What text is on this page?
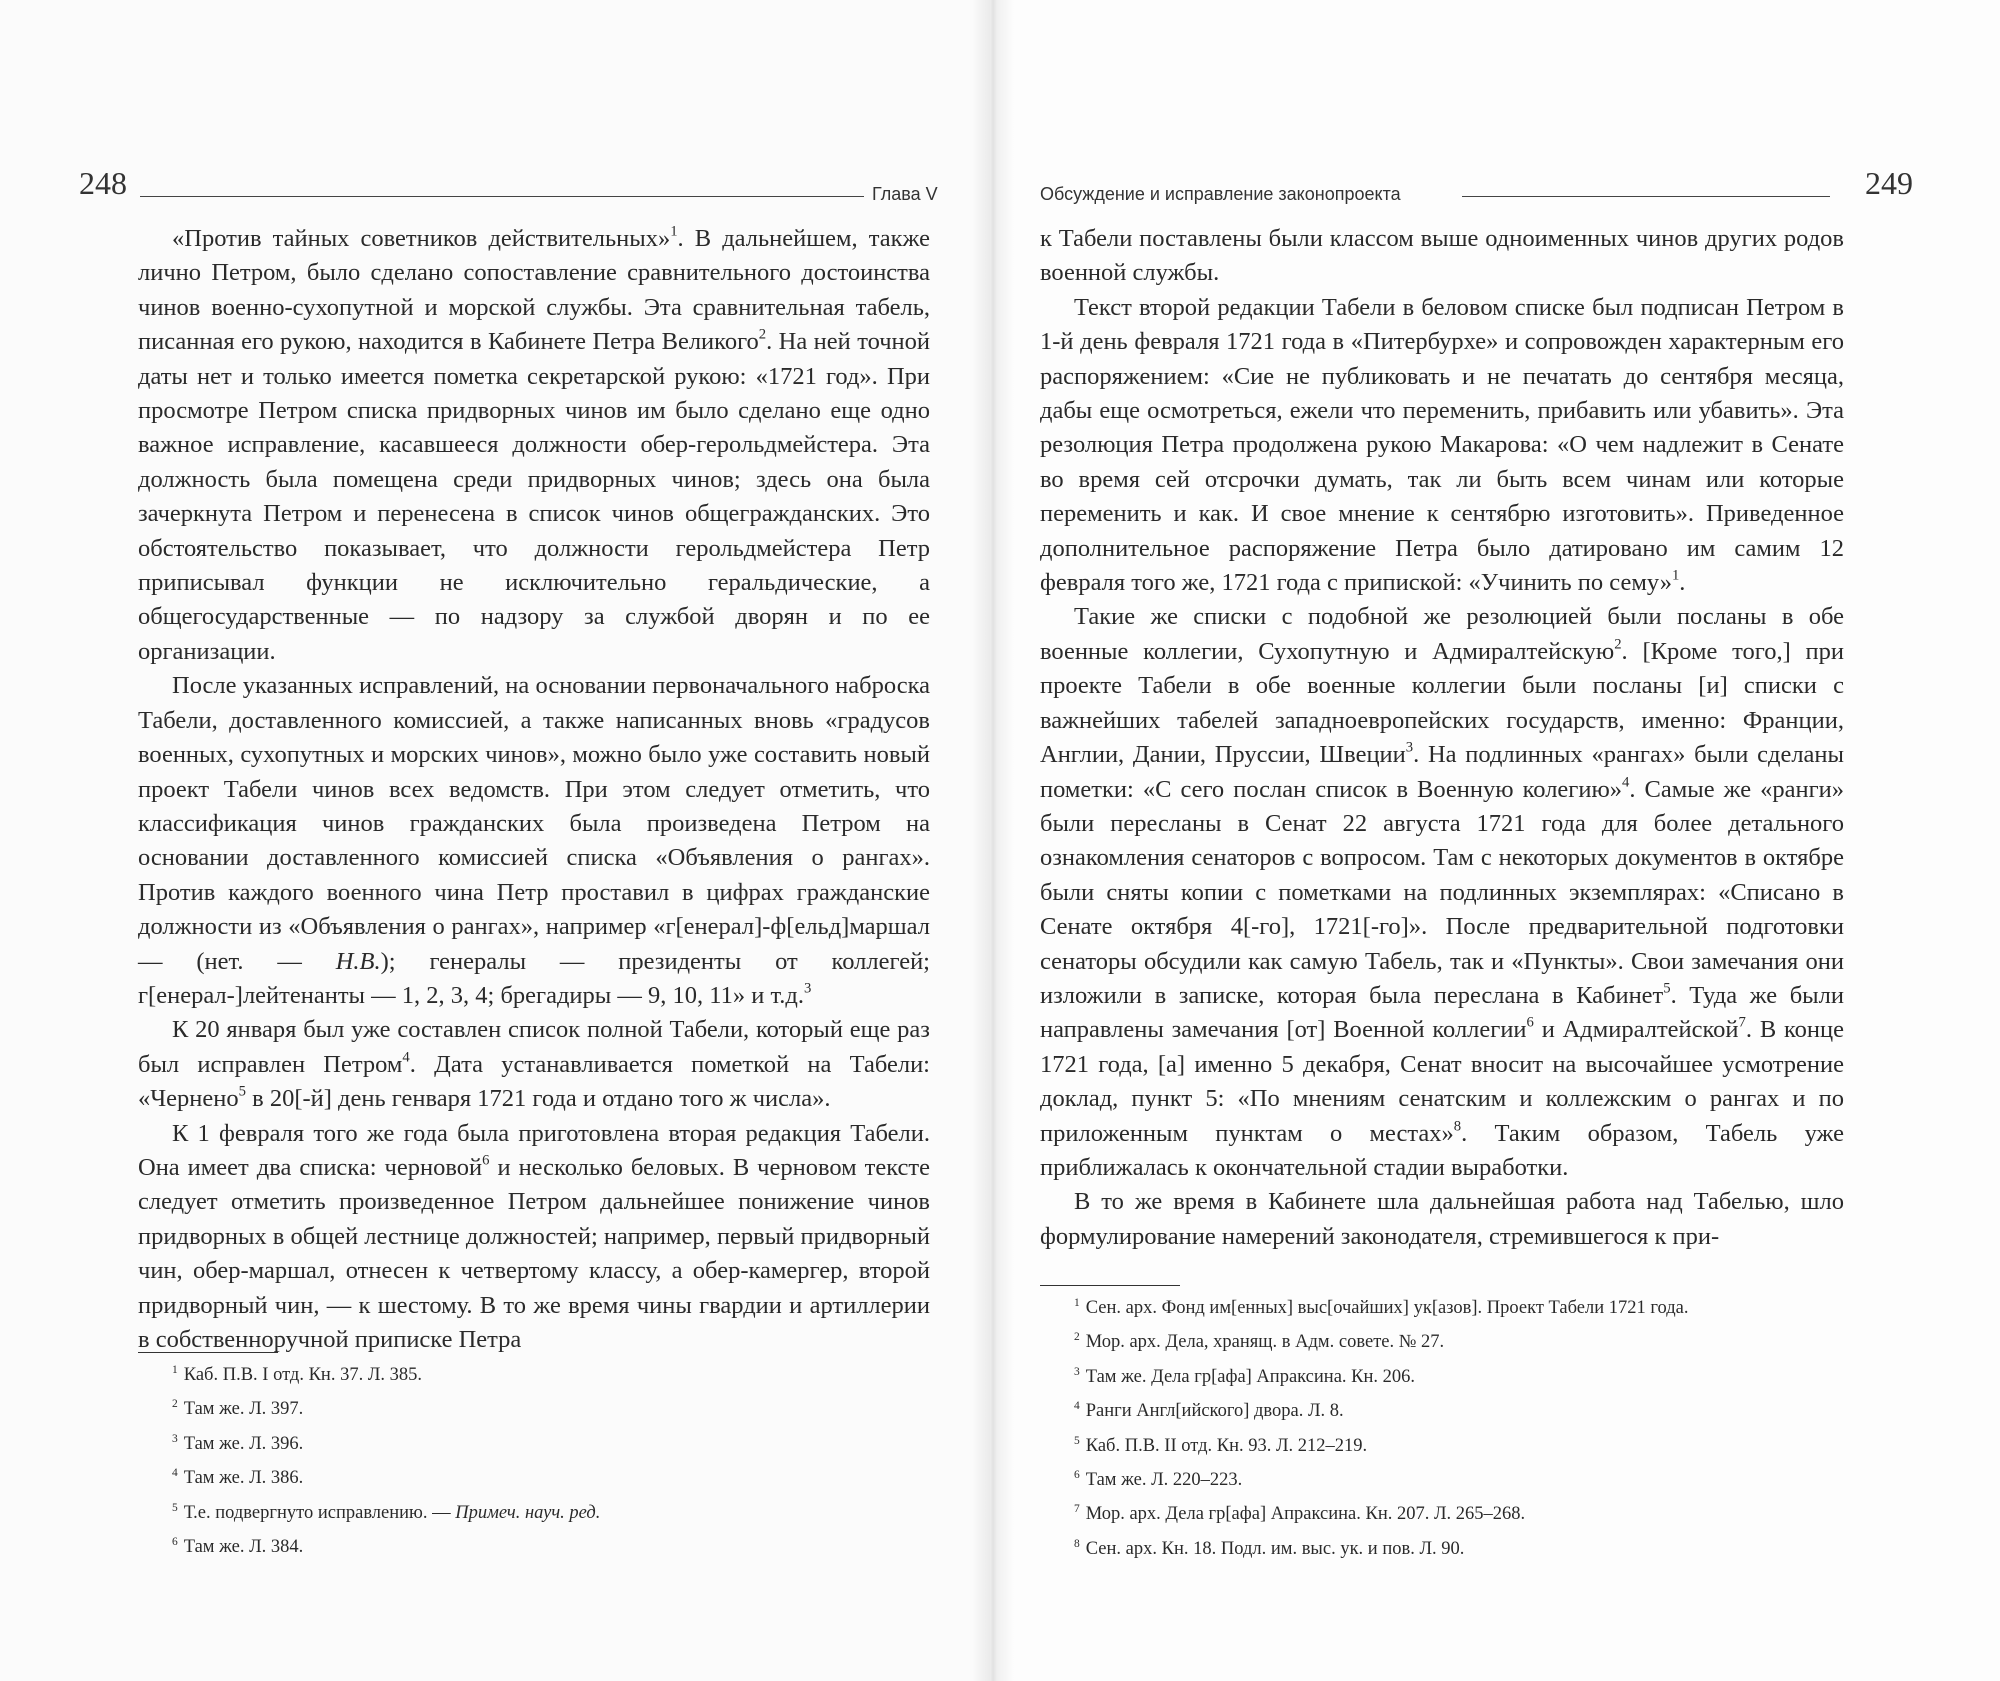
248	Глава V

«Против тайных советников действительных»$^1$. В дальнейшем, также лично Петром, было сделано сопоставление сравнительного достоинства чинов военно-сухопутной и морской службы. Эта сравнительная табель, писанная его рукою, находится в Кабинете Петра Великого$^2$. На ней точной даты нет и только имеется пометка секретарской рукою: «1721 год». При просмотре Петром списка придворных чинов им было сделано еще одно важное исправление, касавшееся должности обер-герольдмейстера. Эта должность была помещена среди придворных чинов; здесь она была зачеркнута Петром и перенесена в список чинов общегражданских. Это обстоятельство показывает, что должности герольдмейстера Петр приписывал функции не исключительно геральдические, а общегосударственные — по надзору за службой дворян и по ее организации.

После указанных исправлений, на основании первоначального наброска Табели, доставленного комиссией, а также написанных вновь «градусов военных, сухопутных и морских чинов», можно было уже составить новый проект Табели чинов всех ведомств. При этом следует отметить, что классификация чинов гражданских была произведена Петром на основании доставленного комиссией списка «Объявления о рангах». Против каждого военного чина Петр проставил в цифрах гражданские должности из «Объявления о рангах», например «г[енерал]-ф[ельд]маршал — (нет. — Н.В.); генералы — президенты от коллегей; г[енерал-]лейтенанты — 1, 2, 3, 4; брегадиры — 9, 10, 11» и т.д.$^3$

К 20 января был уже составлен список полной Табели, который еще раз был исправлен Петром$^4$. Дата устанавливается пометкой на Табели: «Чернено$^5$ в 20[-й] день генваря 1721 года и отдано того ж числа».

К 1 февраля того же года была приготовлена вторая редакция Табели. Она имеет два списка: черновой$^6$ и несколько беловых. В черновом тексте следует отметить произведенное Петром дальнейшее понижение чинов придворных в общей лестнице должностей; например, первый придворный чин, обер-маршал, отнесен к четвертому классу, а обер-камергер, второй придворный чин, — к шестому. В то же время чины гвардии и артиллерии в собственноручной приписке Петра

$^1$ Каб. П.В. I отд. Кн. 37. Л. 385.
$^2$ Там же. Л. 397.
$^3$ Там же. Л. 396.
$^4$ Там же. Л. 386.
$^5$ Т.е. подвергнуто исправлению. — Примеч. науч. ред.
$^6$ Там же. Л. 384.
Обсуждение и исправление законопроекта	249

к Табели поставлены были классом выше одноименных чинов других родов военной службы.

Текст второй редакции Табели в беловом списке был подписан Петром в 1-й день февраля 1721 года в «Питербурхе» и сопровожден характерным его распоряжением: «Сие не публиковать и не печатать до сентября месяца, дабы еще осмотреться, ежели что переменить, прибавить или убавить». Эта резолюция Петра продолжена рукою Макарова: «О чем надлежит в Сенате во время сей отсрочки думать, так ли быть всем чинам или которые переменить и как. И свое мнение к сентябрю изготовить». Приведенное дополнительное распоряжение Петра было датировано им самим 12 февраля того же, 1721 года с припиской: «Учинить по сему»$^1$.

Такие же списки с подобной же резолюцией были посланы в обе военные коллегии, Сухопутную и Адмиралтейскую$^2$. [Кроме того,] при проекте Табели в обе военные коллегии были посланы [и] списки с важнейших табелей западноевропейских государств, именно: Франции, Англии, Дании, Пруссии, Швеции$^3$. На подлинных «рангах» были сделаны пометки: «С сего послан список в Военную колегию»$^4$. Самые же «ранги» были пересланы в Сенат 22 августа 1721 года для более детального ознакомления сенаторов с вопросом. Там с некоторых документов в октябре были сняты копии с пометками на подлинных экземплярах: «Списано в Сенате октября 4[-го], 1721[-го]». После предварительной подготовки сенаторы обсудили как самую Табель, так и «Пункты». Свои замечания они изложили в записке, которая была переслана в Кабинет$^5$. Туда же были направлены замечания [от] Военной коллегии$^6$ и Адмиралтейской$^7$. В конце 1721 года, [а] именно 5 декабря, Сенат вносит на высочайшее усмотрение доклад, пункт 5: «По мнениям сенатским и коллежским о рангах и по приложенным пунктам о местах»$^8$. Таким образом, Табель уже приближалась к окончательной стадии выработки.

В то же время в Кабинете шла дальнейшая работа над Табелью, шло формулирование намерений законодателя, стремившегося к при-

$^1$ Сен. арх. Фонд им[енных] выс[очайших] ук[азов]. Проект Табели 1721 года.
$^2$ Мор. арх. Дела, хранящ. в Адм. совете. № 27.
$^3$ Там же. Дела гр[афа] Апраксина. Кн. 206.
$^4$ Ранги Англ[ийского] двора. Л. 8.
$^5$ Каб. П.В. II отд. Кн. 93. Л. 212–219.
$^6$ Там же. Л. 220–223.
$^7$ Мор. арх. Дела гр[афа] Апраксина. Кн. 207. Л. 265–268.
$^8$ Сен. арх. Кн. 18. Подл. им. выс. ук. и пов. Л. 90.
